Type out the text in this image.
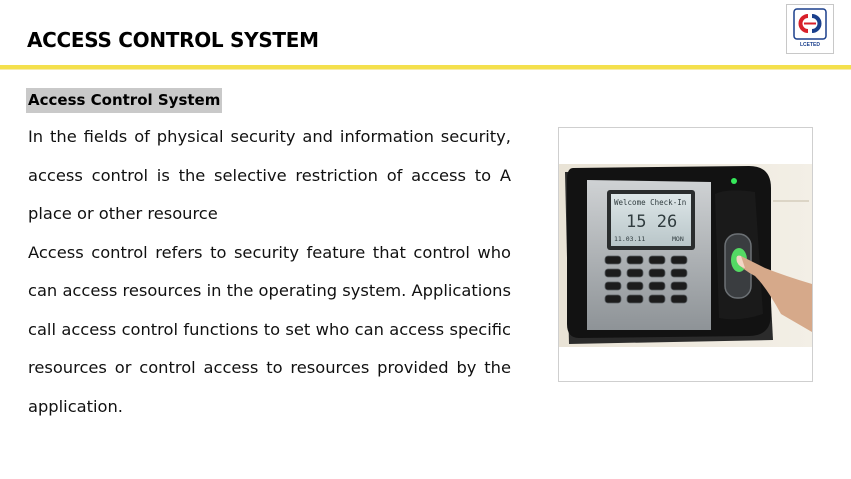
ACCESS CONTROL SYSTEM	LCETED
Access Control System

In the fields of physical security and information security, access control is the selective restriction of access to A place or other resource

Access control refers to security feature that control who can access resources in the operating system. Applications call access control functions to set who can access specific resources or control access to resources provided by the application.

Welcome Check-In
15 26
11.03.11	MON
